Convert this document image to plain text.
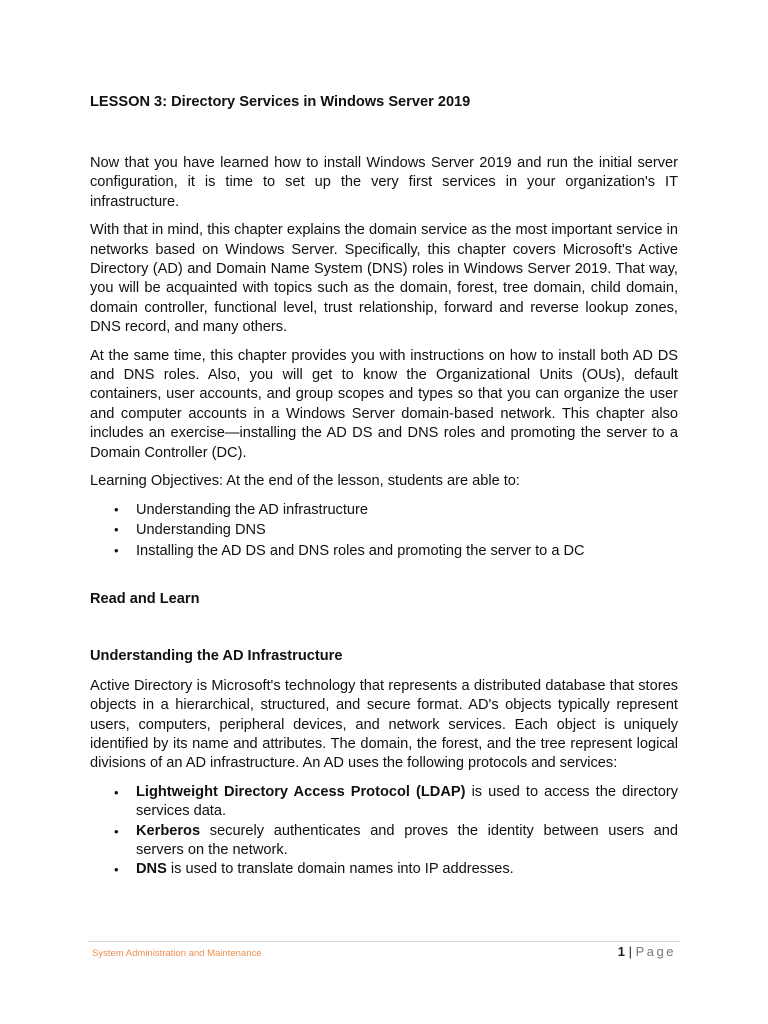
LESSON 3: Directory Services in Windows Server 2019

Now that you have learned how to install Windows Server 2019 and run the initial server configuration, it is time to set up the very first services in your organization's IT infrastructure.

With that in mind, this chapter explains the domain service as the most important service in networks based on Windows Server. Specifically, this chapter covers Microsoft's Active Directory (AD) and Domain Name System (DNS) roles in Windows Server 2019. That way, you will be acquainted with topics such as the domain, forest, tree domain, child domain, domain controller, functional level, trust relationship, forward and reverse lookup zones, DNS record, and many others.

At the same time, this chapter provides you with instructions on how to install both AD DS and DNS roles. Also, you will get to know the Organizational Units (OUs), default containers, user accounts, and group scopes and types so that you can organize the user and computer accounts in a Windows Server domain-based network. This chapter also includes an exercise—installing the AD DS and DNS roles and promoting the server to a Domain Controller (DC).

Learning Objectives: At the end of the lesson, students are able to:

• Understanding the AD infrastructure
• Understanding DNS
• Installing the AD DS and DNS roles and promoting the server to a DC

Read and Learn

Understanding the AD Infrastructure

Active Directory is Microsoft's technology that represents a distributed database that stores objects in a hierarchical, structured, and secure format. AD's objects typically represent users, computers, peripheral devices, and network services. Each object is uniquely identified by its name and attributes. The domain, the forest, and the tree represent logical divisions of an AD infrastructure. An AD uses the following protocols and services:

• Lightweight Directory Access Protocol (LDAP) is used to access the directory services data.
• Kerberos securely authenticates and proves the identity between users and servers on the network.
• DNS is used to translate domain names into IP addresses.
System Administration and Maintenance	1 | Page
